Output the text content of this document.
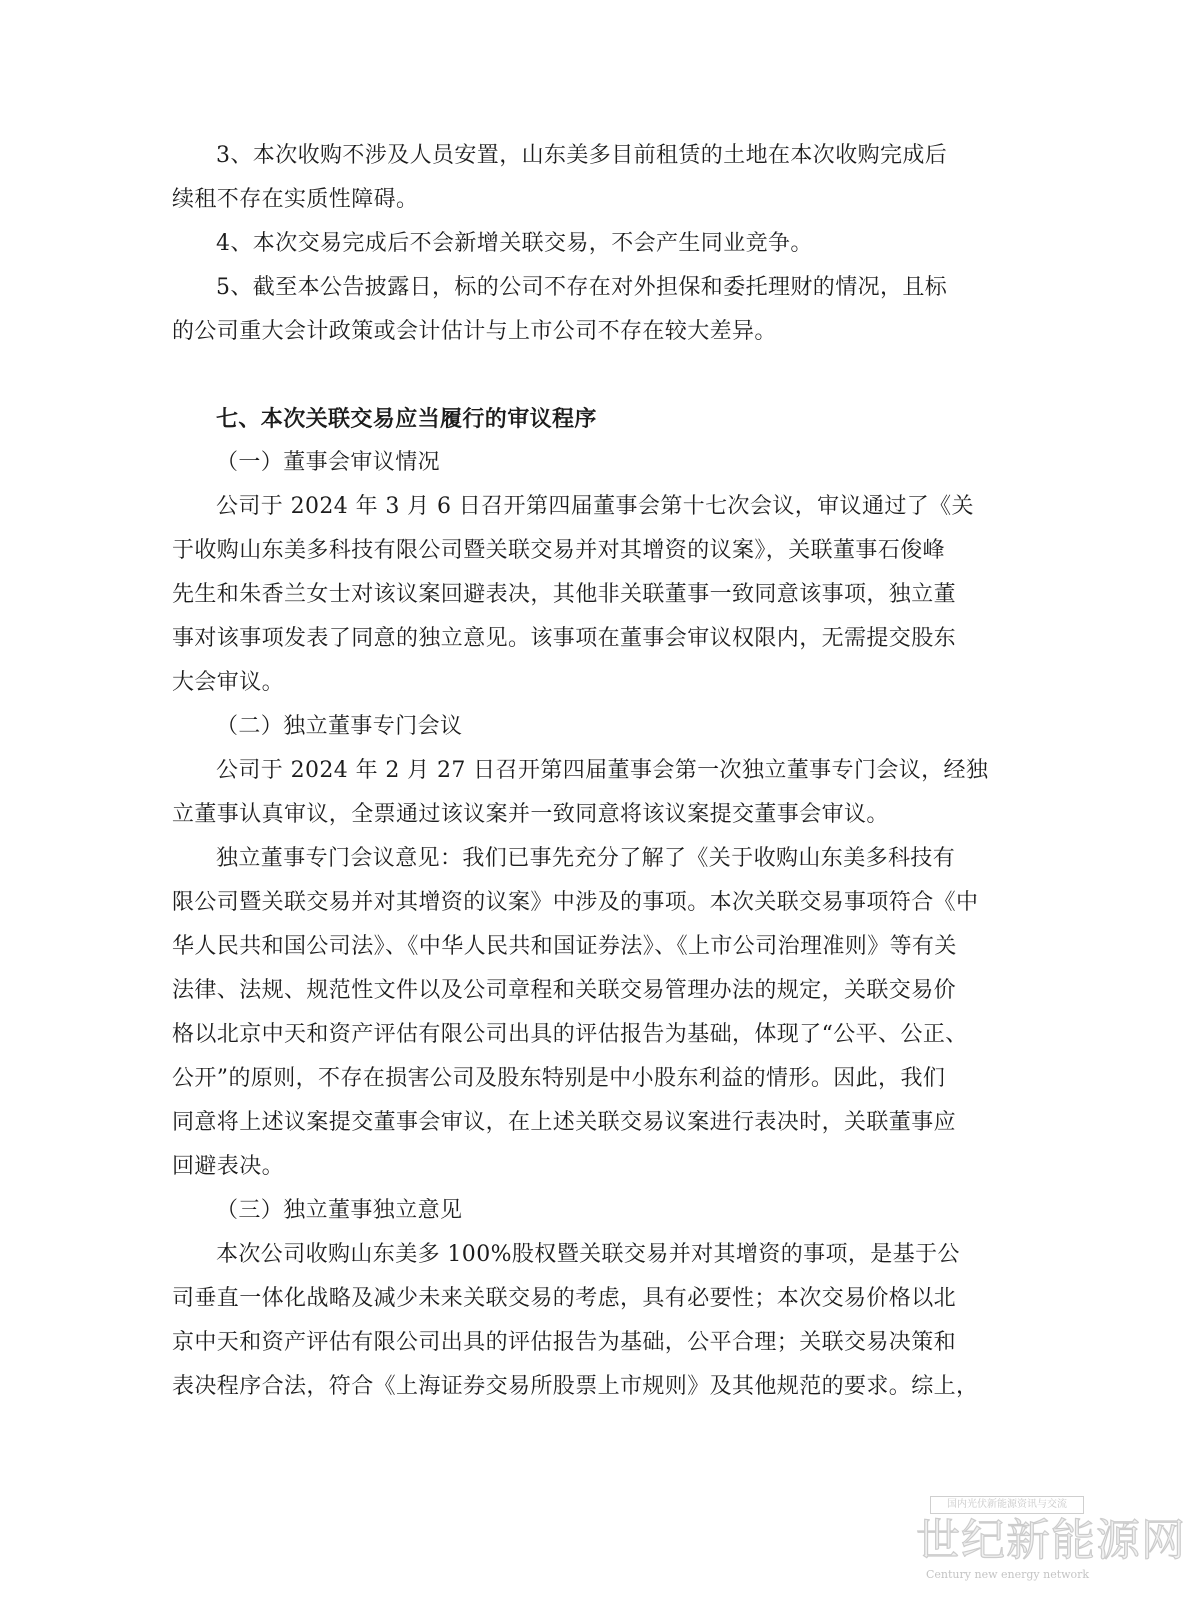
3、本次收购不涉及人员安置，山东美多目前租赁的土地在本次收购完成后
续租不存在实质性障碍。
4、本次交易完成后不会新增关联交易，不会产生同业竞争。
5、截至本公告披露日，标的公司不存在对外担保和委托理财的情况，且标
的公司重大会计政策或会计估计与上市公司不存在较大差异。
七、本次关联交易应当履行的审议程序
（一）董事会审议情况
公司于 2024 年 3 月 6 日召开第四届董事会第十七次会议，审议通过了《关
于收购山东美多科技有限公司暨关联交易并对其增资的议案》，关联董事石俊峰
先生和朱香兰女士对该议案回避表决，其他非关联董事一致同意该事项，独立董
事对该事项发表了同意的独立意见。该事项在董事会审议权限内，无需提交股东
大会审议。
（二）独立董事专门会议
公司于 2024 年 2 月 27 日召开第四届董事会第一次独立董事专门会议，经独
立董事认真审议，全票通过该议案并一致同意将该议案提交董事会审议。
独立董事专门会议意见：我们已事先充分了解了《关于收购山东美多科技有
限公司暨关联交易并对其增资的议案》中涉及的事项。本次关联交易事项符合《中
华人民共和国公司法》、《中华人民共和国证券法》、《上市公司治理准则》等有关
法律、法规、规范性文件以及公司章程和关联交易管理办法的规定，关联交易价
格以北京中天和资产评估有限公司出具的评估报告为基础，体现了“公平、公正、
公开”的原则，不存在损害公司及股东特别是中小股东利益的情形。因此，我们
同意将上述议案提交董事会审议，在上述关联交易议案进行表决时，关联董事应
回避表决。
（三）独立董事独立意见
本次公司收购山东美多 100%股权暨关联交易并对其增资的事项，是基于公
司垂直一体化战略及减少未来关联交易的考虑，具有必要性；本次交易价格以北
京中天和资产评估有限公司出具的评估报告为基础，公平合理；关联交易决策和
表决程序合法，符合《上海证券交易所股票上市规则》及其他规范的要求。综上，
国内光伏新能源资讯与交流
世纪新能源网
Century new energy network
